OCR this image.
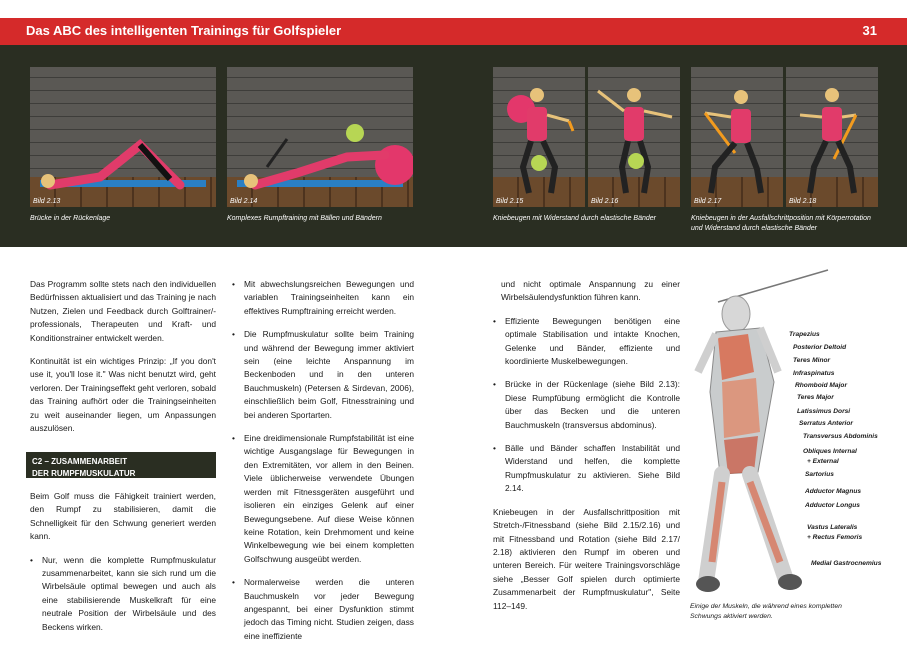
Das ABC des intelligenten Trainings für Golfspieler	31
Bild 2.13	Bild 2.14	Bild 2.15	Bild 2.16	Bild 2.17	Bild 2.18
Brücke in der Rückenlage	Komplexes Rumpftraining mit Bällen und Bändern	Kniebeugen mit Widerstand durch elastische Bänder	Kniebeugen in der Ausfallschrittposition mit Körperrotation
und Widerstand durch elastische Bänder

Das Programm sollte stets nach den individuellen Bedürfnissen aktualisiert und das Training je nach Nutzen, Zielen und Feedback durch Golftrainer/-professionals, Therapeuten und Kraft- und Konditionstrainer entwickelt werden.

Kontinuität ist ein wichtiges Prinzip: „If you don't use it, you'll lose it." Was nicht benutzt wird, geht verloren. Der Trainingseffekt geht verloren, sobald das Training aufhört oder die Trainingseinheiten zu weit auseinander liegen, um Anpassungen auszulösen.

C2 – ZUSAMMENARBEIT
DER RUMPFMUSKULATUR

Beim Golf muss die Fähigkeit trainiert werden, den Rumpf zu stabilisieren, damit die Schnelligkeit für den Schwung generiert werden kann.

• Nur, wenn die komplette Rumpfmuskulatur zusammenarbeitet, kann sie sich rund um die Wirbelsäule optimal bewegen und auch als eine stabilisierende Muskelkraft für eine neutrale Position der Wirbelsäule und des Beckens wirken.
• Mit abwechslungsreichen Bewegungen und variablen Trainingseinheiten kann ein effektives Rumpftraining erreicht werden.
• Die Rumpfmuskulatur sollte beim Training und während der Bewegung immer aktiviert sein (eine leichte Anspannung im Beckenboden und in den unteren Bauchmuskeln) (Petersen & Sirdevan, 2006), einschließlich beim Golf, Fitnesstraining und bei anderen Sportarten.
• Eine dreidimensionale Rumpfstabilität ist eine wichtige Ausgangslage für Bewegungen in den Extremitäten, vor allem in den Beinen. Viele üblicherweise verwendete Übungen werden mit Fitnessgeräten ausgeführt und isolieren ein einziges Gelenk auf einer Bewegungsebene. Auf diese Weise können keine Rotation, kein Drehmoment und keine Winkelbewegung wie bei einem kompletten Golfschwung ausgeübt werden.
• Normalerweise werden die unteren Bauchmuskeln vor jeder Bewegung angespannt, bei einer Dysfunktion stimmt jedoch das Timing nicht. Studien zeigen, dass eine ineffiziente

und nicht optimale Anspannung zu einer Wirbelsäulendysfunktion führen kann.

• Effiziente Bewegungen benötigen eine optimale Stabilisation und intakte Knochen, Gelenke und Bänder, effiziente und koordinierte Muskelbewegungen.
• Brücke in der Rückenlage (siehe Bild 2.13): Diese Rumpfübung ermöglicht die Kontrolle über das Becken und die unteren Bauchmuskeln (transversus abdominus).
• Bälle und Bänder schaffen Instabilität und Widerstand und helfen, die komplette Rumpfmuskulatur zu aktivieren. Siehe Bild 2.14.

Kniebeugen in der Ausfallschrittposition mit Stretch-/Fitnessband (siehe Bild 2.15/2.16) und mit Fitnessband und Rotation (siehe Bild 2.17/ 2.18) aktivieren den Rumpf im oberen und unteren Bereich. Für weitere Trainingsvorschläge siehe „Besser Golf spielen durch optimierte Zusammenarbeit der Rumpfmuskulatur", Seite 112–149.

Trapezius
Posterior Deltoid
Teres Minor
Infraspinatus
Rhomboid Major
Teres Major
Latissimus Dorsi
Serratus Anterior
Transversus Abdominis
Obliques Internal
+ External
Sartorius
Adductor Magnus
Adductor Longus
Vastus Lateralis
+ Rectus Femoris
Medial Gastrocnemius
Einige der Muskeln, die während eines kompletten
Schwungs aktiviert werden.
